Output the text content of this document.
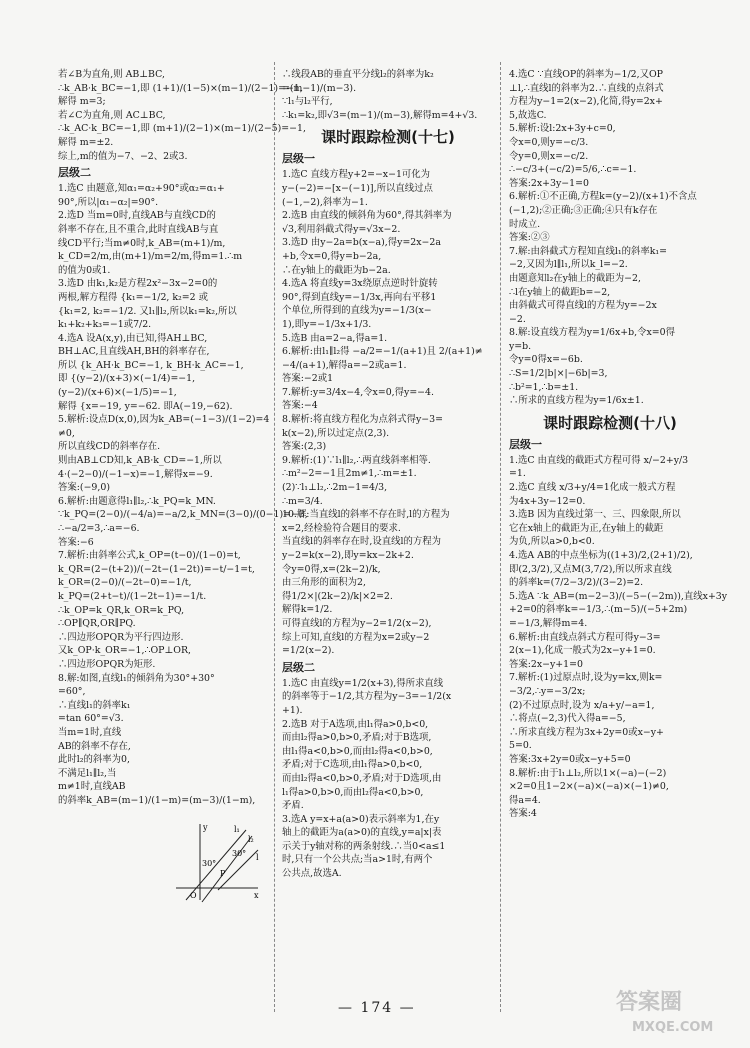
若∠B为直角,则 AB⊥BC,
∴k_AB·k_BC=−1,即 (1+1)/(1−5)×(m−1)/(2−1)=−1,
解得 m=3;
若∠C为直角,则 AC⊥BC,
∴k_AC·k_BC=−1,即 (m+1)/(2−1)×(m−1)/(2−5)=−1,
解得 m=±2.
综上,m的值为−7、−2、2或3.
层级二
1.选C 由题意,知α₁=α₂+90°或α₂=α₁+
90°,所以|α₁−α₂|=90°.
2.选D 当m=0时,直线AB与直线CD的
斜率不存在,且不重合,此时直线AB与直
线CD平行;当m≠0时,k_AB=(m+1)/m,
k_CD=2/m,由(m+1)/m=2/m,得m=1.∴m
的值为0或1.
3.选D 由k₁,k₂是方程2x²−3x−2=0的
两根,解方程得 {k₁=−1/2, k₂=2 或
{k₁=2, k₂=−1/2. 又l₁∥l₂,所以k₁=k₂,所以
k₁+k₂+k₃=−1或7/2.
4.选A 设A(x,y),由已知,得AH⊥BC,
BH⊥AC,且直线AH,BH的斜率存在,
所以 {k_AH·k_BC=−1, k_BH·k_AC=−1,
即 {(y−2)/(x+3)×(−1/4)=−1,
(y−2)/(x+6)×(−1/5)=−1,
解得 {x=−19, y=−62. 即A(−19,−62).
5.解析:设点D(x,0),因为k_AB=(−1−3)/(1−2)=4
≠0,
所以直线CD的斜率存在.
则由AB⊥CD知,k_AB·k_CD=−1,所以
4·(−2−0)/(−1−x)=−1,解得x=−9.
答案:(−9,0)
6.解析:由题意得l₁∥l₂,∴k_PQ=k_MN.
∵k_PQ=(2−0)/(−4/a)=−a/2,k_MN=(3−0)/(0−1)=−3,
∴−a/2=3,∴a=−6.
答案:−6
7.解析:由斜率公式,k_OP=(t−0)/(1−0)=t,
k_QR=(2−(t+2))/(−2t−(1−2t))=−t/−1=t,
k_OR=(2−0)/(−2t−0)=−1/t,
k_PQ=(2+t−t)/(1−2t−1)=−1/t.
∴k_OP=k_QR,k_OR=k_PQ,
∴OP∥QR,OR∥PQ.
∴四边形OPQR为平行四边形.
又k_OP·k_OR=−1,∴OP⊥OR,
∴四边形OPQR为矩形.
8.解:如图,直线l₁的倾斜角为30°+30°
=60°,
∴直线l₁的斜率k₁
=tan 60°=√3.
当m=1时,直线
AB的斜率不存在,
此时l₂的斜率为0,
不满足l₁∥l₂,当
m≠1时,直线AB
的斜率k_AB=(m−1)/(1−m)=(m−3)/(1−m),
∴线段AB的垂直平分线l₂的斜率为k₂
=(m−1)/(m−3).
∵l₁与l₂平行,
∴k₁=k₂,即√3=(m−1)/(m−3),解得m=4+√3.
课时跟踪检测(十七)
层级一
1.选C 直线方程y+2=−x−1可化为
y−(−2)=−[x−(−1)],所以直线过点
(−1,−2),斜率为−1.
2.选B 由直线的倾斜角为60°,得其斜率为
√3,利用斜截式得y=√3x−2.
3.选D 由y−2a=b(x−a),得y=2x−2a
+b,令x=0,得y=b−2a,
∴在y轴上的截距为b−2a.
4.选A 将直线y=3x绕原点逆时针旋转
90°,得到直线y=−1/3x,再向右平移1
个单位,所得到的直线为y=−1/3(x−
1),即y=−1/3x+1/3.
5.选B 由a=2−a,得a=1.
6.解析:由l₁∥l₂得 −a/2=−1/(a+1)且 2/(a+1)≠
−4/(a+1),解得a=−2或a=1.
答案:−2或1
7.解析:y=3/4x−4,令x=0,得y=−4.
答案:−4
8.解析:将直线方程化为点斜式得y−3=
k(x−2),所以过定点(2,3).
答案:(2,3)
9.解析:(1)∵l₁∥l₂,∴两直线斜率相等.
∴m²−2=−1且2m≠1,∴m=±1.
(2)∵l₁⊥l₂,∴2m−1=4/3,
∴m=3/4.
10.解:当直线l的斜率不存在时,l的方程为
x=2,经检验符合题目的要求.
当直线l的斜率存在时,设直线l的方程为
y−2=k(x−2),即y=kx−2k+2.
令y=0得,x=(2k−2)/k,
由三角形的面积为2,
得1/2×|(2k−2)/k|×2=2.
解得k=1/2.
可得直线l的方程为y−2=1/2(x−2),
综上可知,直线l的方程为x=2或y−2
=1/2(x−2).
层级二
1.选C 由直线y=1/2(x+3),得所求直线
的斜率等于−1/2,其方程为y−3=−1/2(x
+1).
2.选B 对于A选项,由l₁得a>0,b<0,
而由l₂得a>0,b>0,矛盾;对于B选项,
由l₁得a<0,b>0,而由l₂得a<0,b>0,
矛盾;对于C选项,由l₁得a>0,b<0,
而由l₂得a<0,b>0,矛盾;对于D选项,由
l₁得a>0,b>0,而由l₂得a<0,b>0,
矛盾.
3.选A y=x+a(a>0)表示斜率为1,在y
轴上的截距为a(a>0)的直线,y=a|x|表
示关于y轴对称的两条射线.∴当0<a≤1
时,只有一个公共点;当a>1时,有两个
公共点,故选A.
4.选C ∵直线OP的斜率为−1/2,又OP
⊥l,∴直线l的斜率为2.∴直线的点斜式
方程为y−1=2(x−2),化简,得y=2x+
5,故选C.
5.解析:设l:2x+3y+c=0,
令x=0,则y=−c/3.
令y=0,则x=−c/2.
∴−c/3+(−c/2)=5/6,∴c=−1.
答案:2x+3y−1=0
6.解析:①不正确,方程k=(y−2)/(x+1)不含点
(−1,2);②正确;③正确;④只有k存在
时成立.
答案:②③
7.解:由斜截式方程知直线l₁的斜率k₁=
−2,又因为l∥l₁,所以k_l=−2.
由题意知l₂在y轴上的截距为−2,
∴l在y轴上的截距b=−2,
由斜截式可得直线l的方程为y=−2x
−2.
8.解:设直线方程为y=1/6x+b,令x=0得
y=b.
令y=0得x=−6b.
∴S=1/2|b|×|−6b|=3,
∴b²=1,∴b=±1.
∴所求的直线方程为y=1/6x±1.
课时跟踪检测(十八)
层级一
1.选C 由直线的截距式方程可得 x/−2+y/3
=1.
2.选C 直线 x/3+y/4=1化成一般式方程
为4x+3y−12=0.
3.选B 因为直线过第一、三、四象限,所以
它在x轴上的截距为正,在y轴上的截距
为负,所以a>0,b<0.
4.选A AB的中点坐标为((1+3)/2,(2+1)/2),
即(2,3/2),又点M(3,7/2),所以所求直线
的斜率k=(7/2−3/2)/(3−2)=2.
5.选A ∵k_AB=(m−2−3)/(−5−(−2m)),直线x+3y
+2=0的斜率k=−1/3,∴(m−5)/(−5+2m)
=−1/3,解得m=4.
6.解析:由直线点斜式方程可得y−3=
2(x−1),化成一般式为2x−y+1=0.
答案:2x−y+1=0
7.解析:(1)过原点时,设为y=kx,则k=
−3/2,∴y=−3/2x;
(2)不过原点时,设为 x/a+y/−a=1,
∴将点(−2,3)代入得a=−5,
∴所求直线方程为3x+2y=0或x−y+
5=0.
答案:3x+2y=0或x−y+5=0
8.解析:由于l₁⊥l₂,所以1×(−a)−(−2)
×2=0且1−2×(−a)×(−a)×(−1)≠0,
得a=4.
答案:4
y	l₁
l₂
30°
30°
O
P
x
l
— 174 —	答案圈
MXQE.COM
